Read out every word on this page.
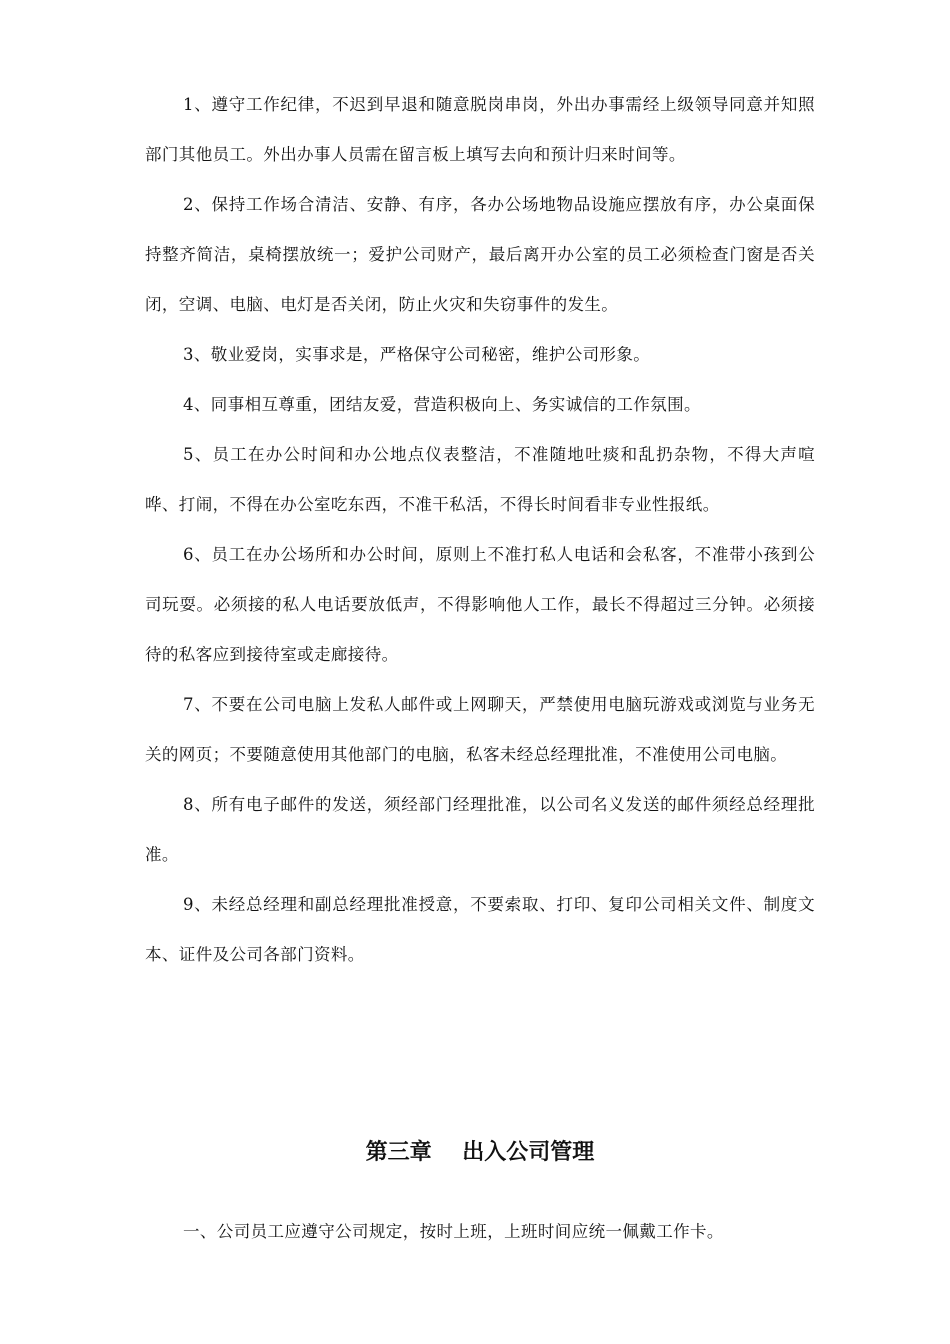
1、遵守工作纪律，不迟到早退和随意脱岗串岗，外出办事需经上级领导同意并知照部门其他员工。外出办事人员需在留言板上填写去向和预计归来时间等。

2、保持工作场合清洁、安静、有序，各办公场地物品设施应摆放有序，办公桌面保持整齐简洁，桌椅摆放统一；爱护公司财产，最后离开办公室的员工必须检查门窗是否关闭，空调、电脑、电灯是否关闭，防止火灾和失窃事件的发生。

3、敬业爱岗，实事求是，严格保守公司秘密，维护公司形象。

4、同事相互尊重，团结友爱，营造积极向上、务实诚信的工作氛围。

5、员工在办公时间和办公地点仪表整洁，不准随地吐痰和乱扔杂物，不得大声喧哗、打闹，不得在办公室吃东西，不准干私活，不得长时间看非专业性报纸。

6、员工在办公场所和办公时间，原则上不准打私人电话和会私客，不准带小孩到公司玩耍。必须接的私人电话要放低声，不得影响他人工作，最长不得超过三分钟。必须接待的私客应到接待室或走廊接待。

7、不要在公司电脑上发私人邮件或上网聊天，严禁使用电脑玩游戏或浏览与业务无关的网页；不要随意使用其他部门的电脑，私客未经总经理批准，不准使用公司电脑。

8、所有电子邮件的发送，须经部门经理批准，以公司名义发送的邮件须经总经理批准。

9、未经总经理和副总经理批准授意，不要索取、打印、复印公司相关文件、制度文本、证件及公司各部门资料。

第三章    出入公司管理

一、公司员工应遵守公司规定，按时上班，上班时间应统一佩戴工作卡。
